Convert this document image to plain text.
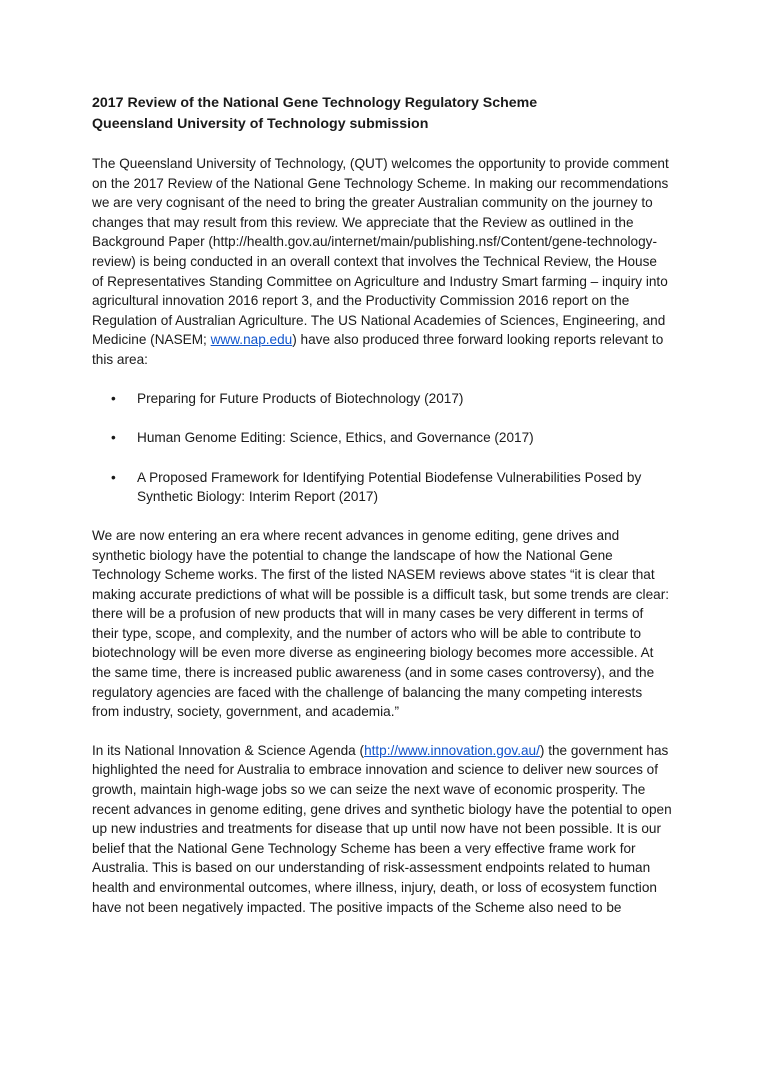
2017 Review of the National Gene Technology Regulatory Scheme
Queensland University of Technology submission

The Queensland University of Technology, (QUT) welcomes the opportunity to provide comment on the 2017 Review of the National Gene Technology Scheme. In making our recommendations we are very cognisant of the need to bring the greater Australian community on the journey to changes that may result from this review. We appreciate that the Review as outlined in the Background Paper (http://health.gov.au/internet/main/publishing.nsf/Content/gene-technology-review) is being conducted in an overall context that involves the Technical Review, the House of Representatives Standing Committee on Agriculture and Industry Smart farming – inquiry into agricultural innovation 2016 report 3, and the Productivity Commission 2016 report on the Regulation of Australian Agriculture. The US National Academies of Sciences, Engineering, and Medicine (NASEM; www.nap.edu) have also produced three forward looking reports relevant to this area:

• Preparing for Future Products of Biotechnology (2017)
• Human Genome Editing: Science, Ethics, and Governance (2017)
• A Proposed Framework for Identifying Potential Biodefense Vulnerabilities Posed by Synthetic Biology: Interim Report (2017)

We are now entering an era where recent advances in genome editing, gene drives and synthetic biology have the potential to change the landscape of how the National Gene Technology Scheme works. The first of the listed NASEM reviews above states “it is clear that making accurate predictions of what will be possible is a difficult task, but some trends are clear: there will be a profusion of new products that will in many cases be very different in terms of their type, scope, and complexity, and the number of actors who will be able to contribute to biotechnology will be even more diverse as engineering biology becomes more accessible. At the same time, there is increased public awareness (and in some cases controversy), and the regulatory agencies are faced with the challenge of balancing the many competing interests from industry, society, government, and academia.”

In its National Innovation & Science Agenda (http://www.innovation.gov.au/) the government has highlighted the need for Australia to embrace innovation and science to deliver new sources of growth, maintain high-wage jobs so we can seize the next wave of economic prosperity. The recent advances in genome editing, gene drives and synthetic biology have the potential to open up new industries and treatments for disease that up until now have not been possible. It is our belief that the National Gene Technology Scheme has been a very effective frame work for Australia. This is based on our understanding of risk-assessment endpoints related to human health and environmental outcomes, where illness, injury, death, or loss of ecosystem function have not been negatively impacted. The positive impacts of the Scheme also need to be
